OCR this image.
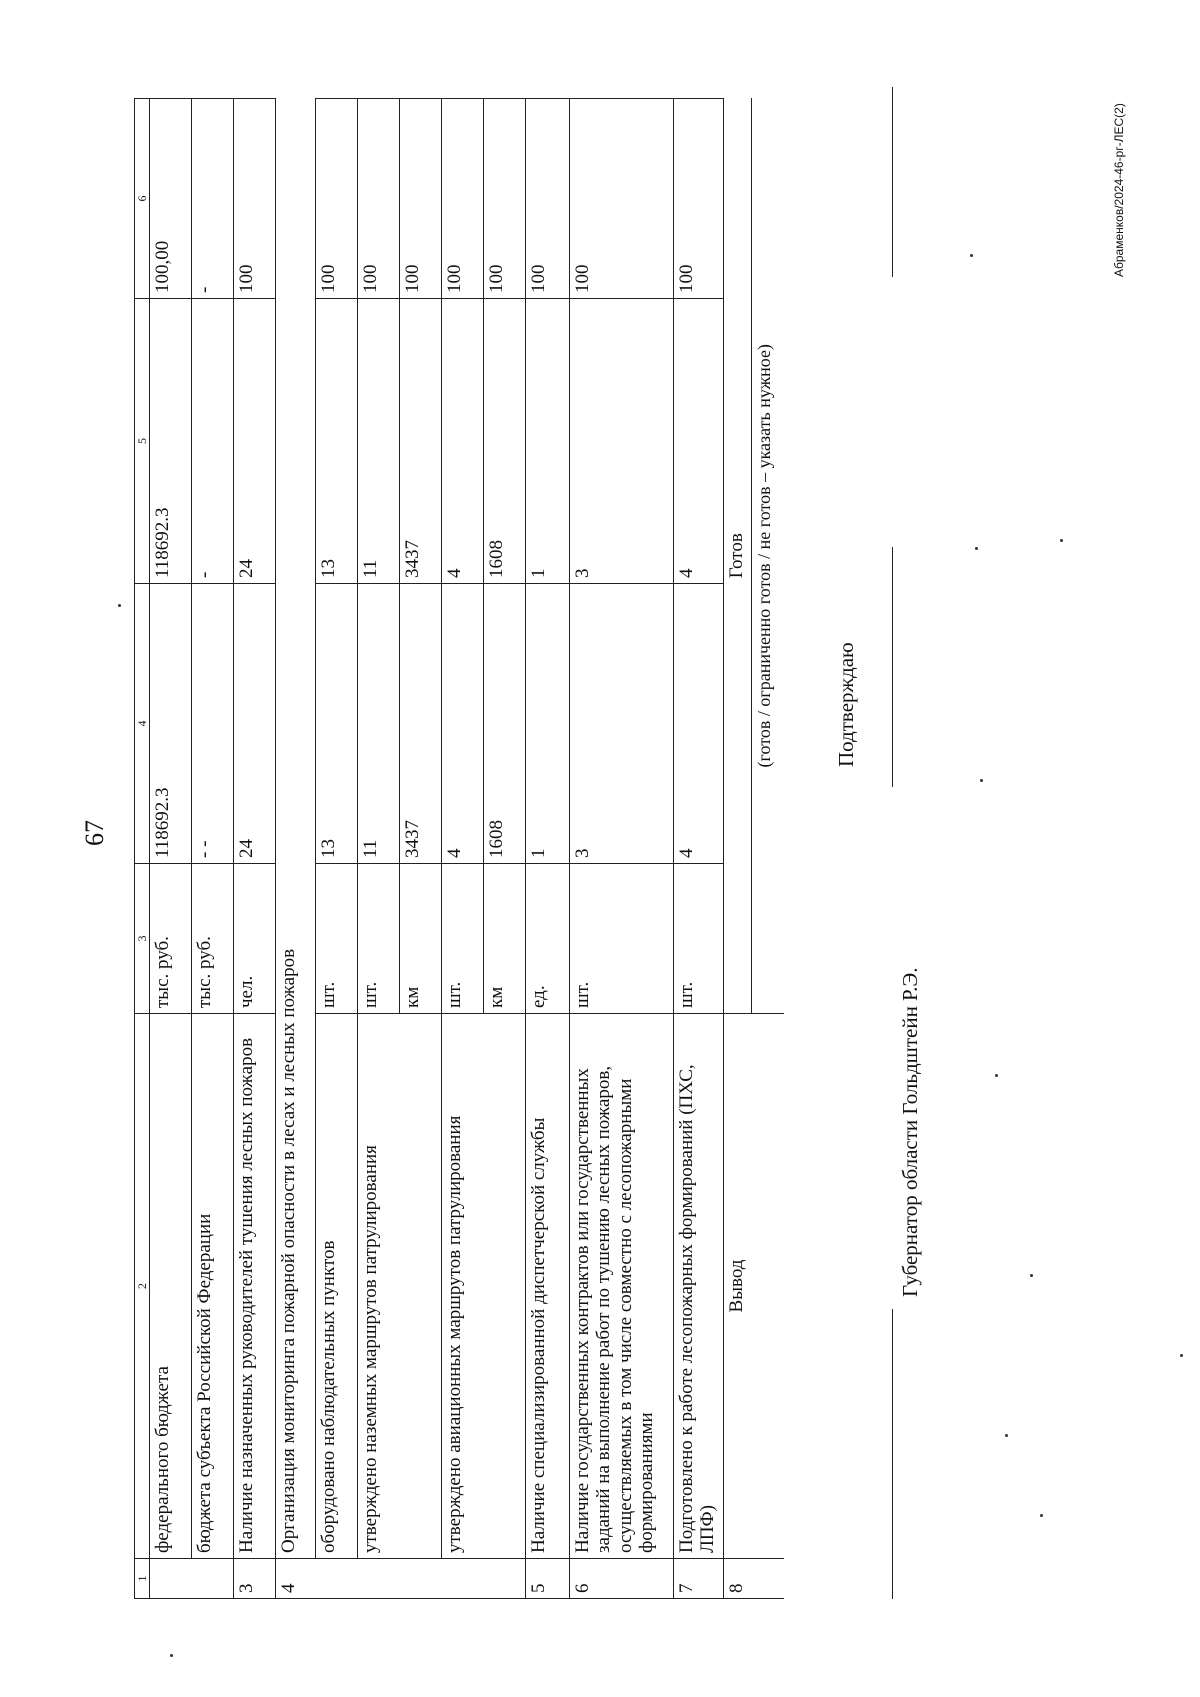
67
1	2	3	4	5	6
	федерального бюджета	тыс. руб.	118692.3	118692.3	100,00
	бюджета субъекта Российской Федерации	тыс. руб.	- -	-	-
3	Наличие назначенных руководителей тушения лесных пожаров	чел.	24	24	100
4	Организация мониторинга пожарной опасности в лесах и лесных пожаров				
	оборудовано наблюдательных пунктов	шт.	13	13	100
	утверждено наземных маршрутов патрулирования	шт.	11	11	100
		км	3437	3437	100
	утверждено авиационных маршрутов патрулирования	шт.	4	4	100
		км	1608	1608	100
5	Наличие специализированной диспетчерской службы	ед.	1	1	100
6	Наличие государственных контрактов или государственных заданий на выполнение работ по тушению лесных пожаров, осуществляемых в том числе совместно с лесопожарными формированиями	шт.	3	3	100
7	Подготовлено к работе лесопожарных формирований (ПХС, ЛПФ)	шт.	4	4	100
8	Вывод	Готов			
		(готов / ограниченно готов / не готов – указать нужное)			
Губернатор области Гольдштейн Р.Э.
Подтверждаю
Абраменков/2024-46-рг-ЛЕС(2)
